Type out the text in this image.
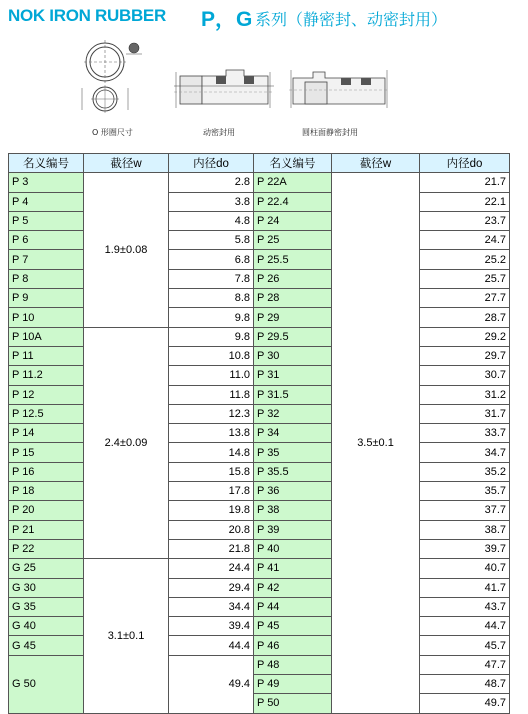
NOK IRON RUBBER P，G 系列（静密封、动密封用）
O 形圈尺寸	动密封用	圆柱面静密封用
名义编号	截径w	内径do	名义编号	截径w	内径do
P 3	1.9±0.08	2.8	P 22A	3.5±0.1	21.7
P 4		3.8	P 22.4		22.1
P 5		4.8	P 24		23.7
P 6		5.8	P 25		24.7
P 7		6.8	P 25.5		25.2
P 8		7.8	P 26		25.7
P 9		8.8	P 28		27.7
P 10		9.8	P 29		28.7
P 10A	2.4±0.09	9.8	P 29.5		29.2
P 11		10.8	P 30		29.7
P 11.2		11.0	P 31		30.7
P 12		11.8	P 31.5		31.2
P 12.5		12.3	P 32		31.7
P 14		13.8	P 34		33.7
P 15		14.8	P 35		34.7
P 16		15.8	P 35.5		35.2
P 18		17.8	P 36		35.7
P 20		19.8	P 38		37.7
P 21		20.8	P 39		38.7
P 22		21.8	P 40		39.7
G 25	3.1±0.1	24.4	P 41		40.7
G 30		29.4	P 42		41.7
G 35		34.4	P 44		43.7
G 40		39.4	P 45		44.7
G 45		44.4	P 46		45.7
G 50		49.4	P 48		47.7
			P 49		48.7
			P 50		49.7
